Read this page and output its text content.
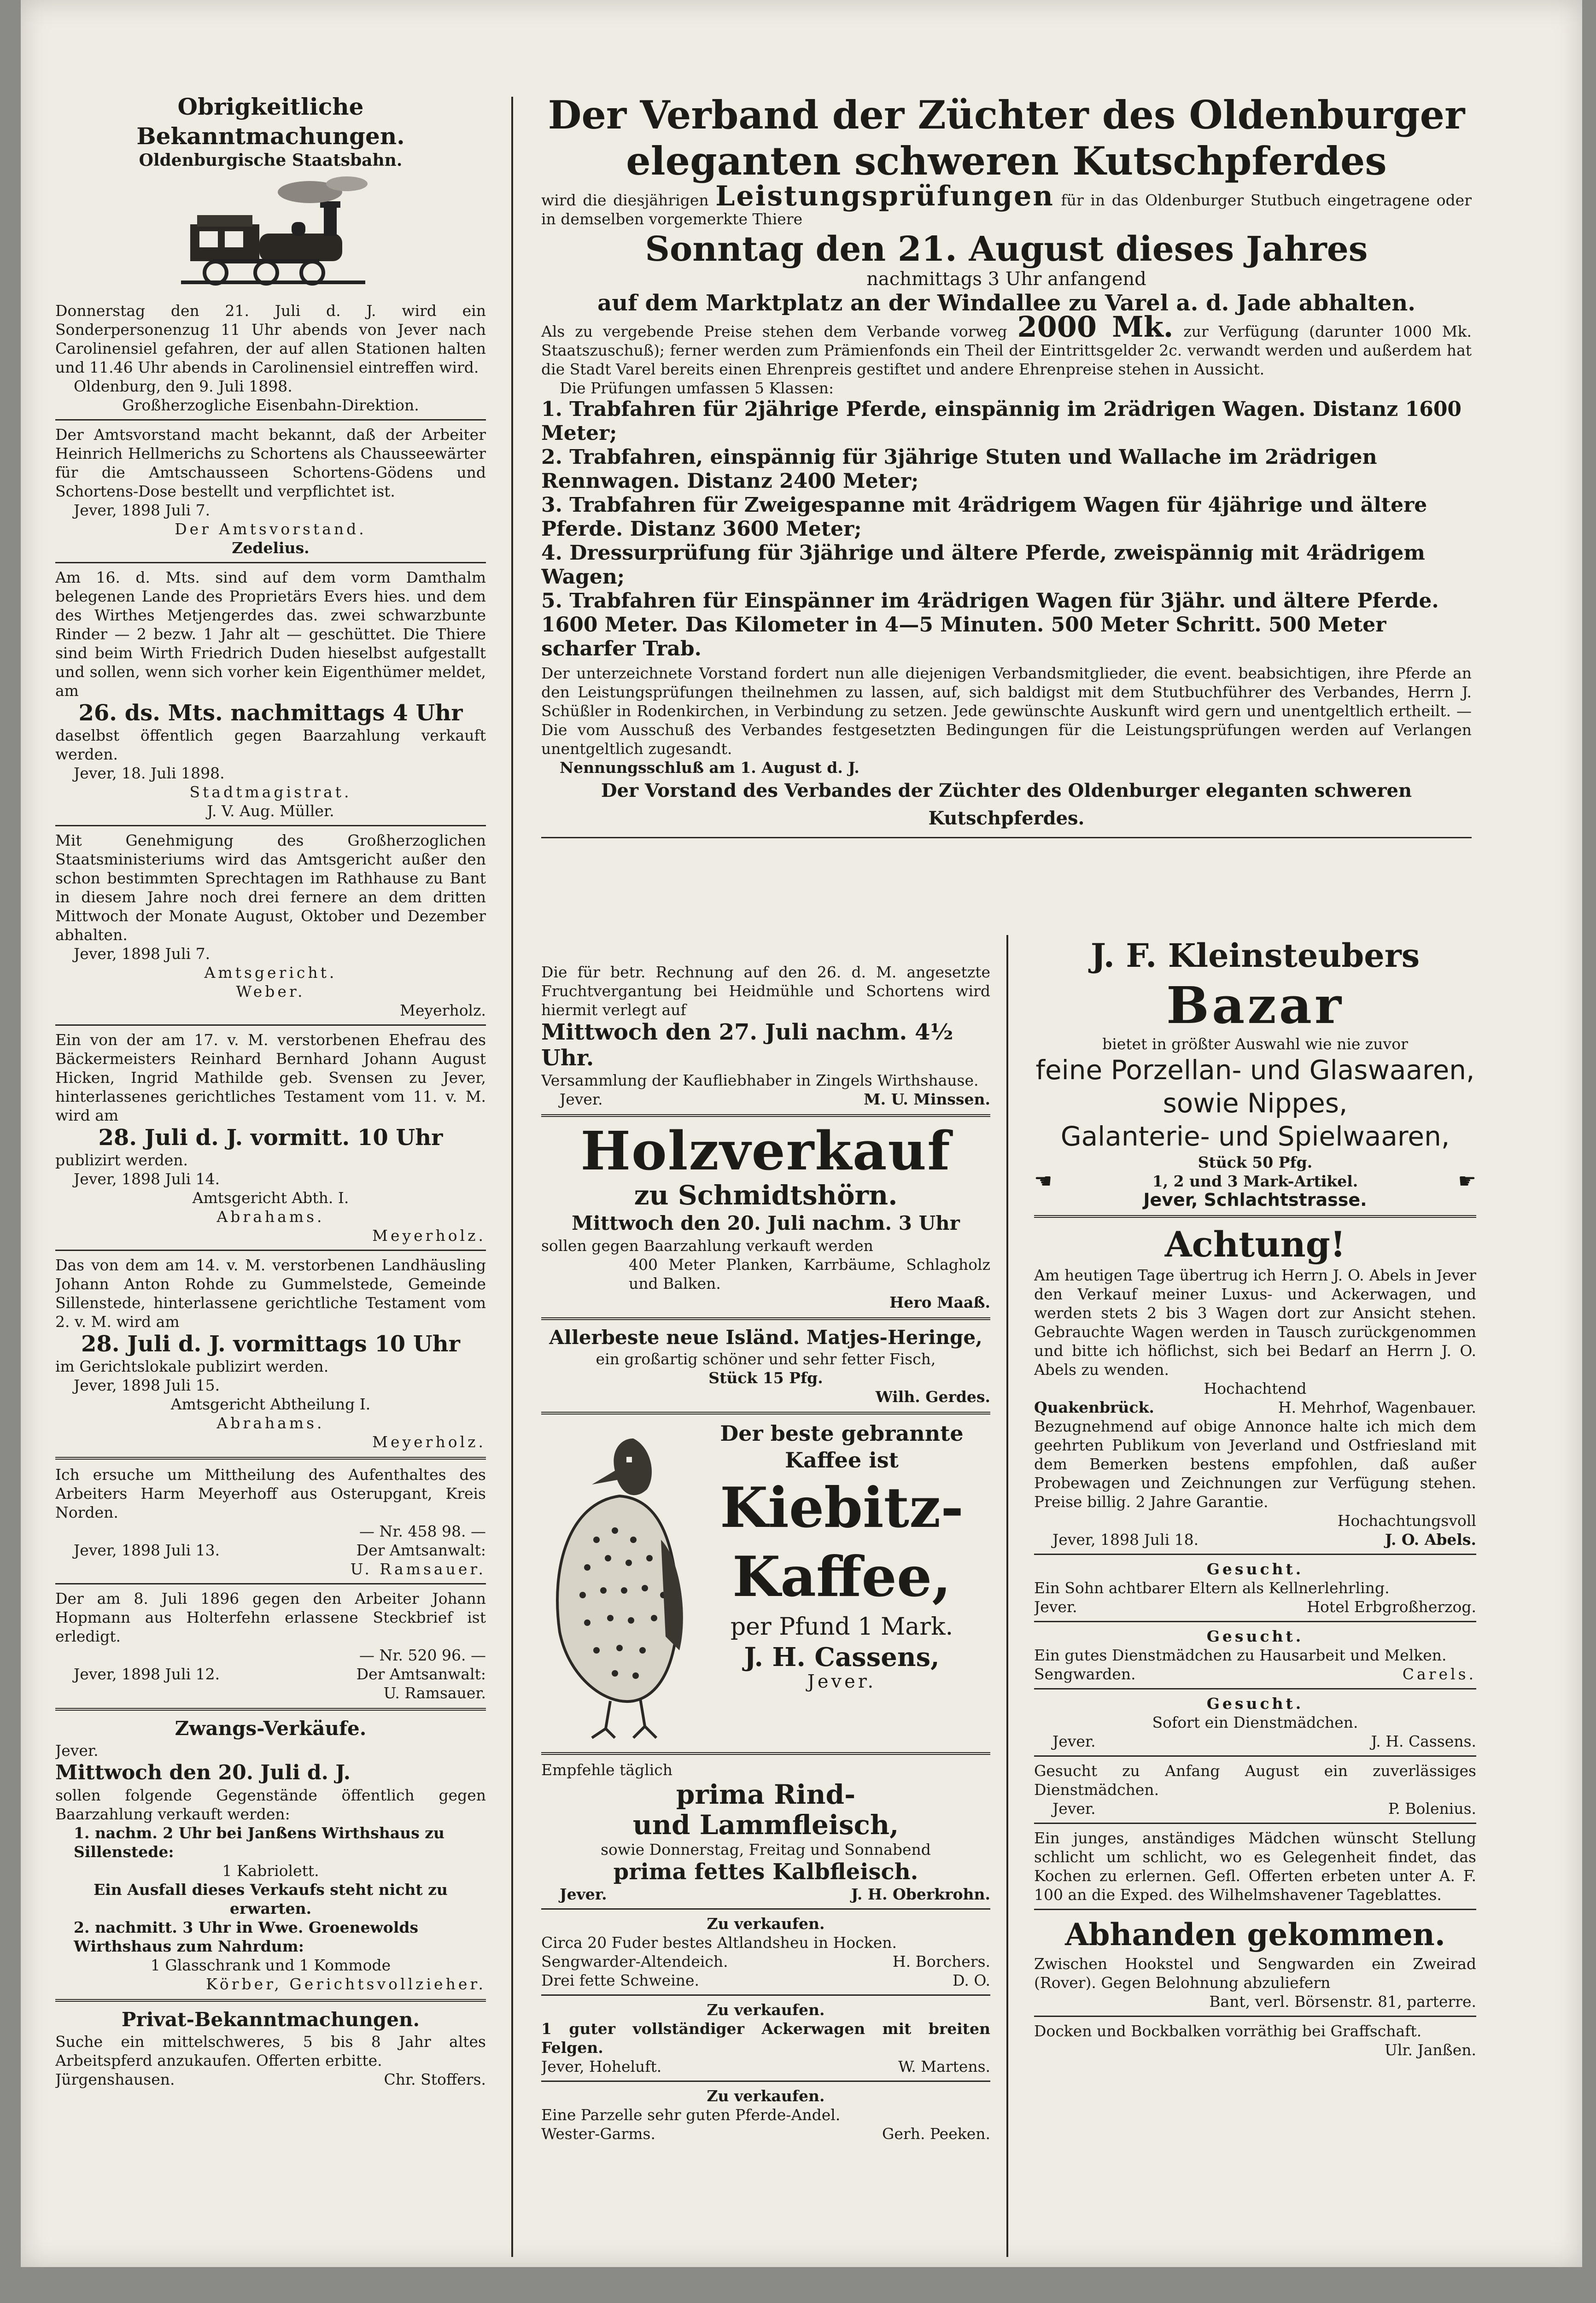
Obrigkeitliche Bekanntmachungen.

Oldenburgische Staatsbahn.

Donnerstag den 21. Juli d. J. wird ein Sonderpersonenzug 11 Uhr abends von Jever nach Carolinensiel gefahren, der auf allen Stationen halten und 11.46 Uhr abends in Carolinensiel eintreffen wird.

Oldenburg, den 9. Juli 1898.

Großherzogliche Eisenbahn-Direktion.

Der Amtsvorstand macht bekannt, daß der Arbeiter Heinrich Hellmerichs zu Schortens als Chausseewärter für die Amtschausseen Schortens-Gödens und Schortens-Dose bestellt und verpflichtet ist.

Jever, 1898 Juli 7.

Der Amtsvorstand.

Zedelius.

Am 16. d. Mts. sind auf dem vorm Damthalm belegenen Lande des Proprietärs Evers hies. und dem des Wirthes Metjengerdes das. zwei schwarzbunte Rinder — 2 bezw. 1 Jahr alt — geschüttet. Die Thiere sind beim Wirth Friedrich Duden hieselbst aufgestallt und sollen, wenn sich vorher kein Eigenthümer meldet, am

26. ds. Mts. nachmittags 4 Uhr

daselbst öffentlich gegen Baarzahlung verkauft werden.

Jever, 18. Juli 1898.

Stadtmagistrat.

J. V. Aug. Müller.

Mit Genehmigung des Großherzoglichen Staatsministeriums wird das Amtsgericht außer den schon bestimmten Sprechtagen im Rathhause zu Bant in diesem Jahre noch drei fernere an dem dritten Mittwoch der Monate August, Oktober und Dezember abhalten.

Jever, 1898 Juli 7.

Amtsgericht.

Weber.

Meyerholz.

Ein von der am 17. v. M. verstorbenen Ehefrau des Bäckermeisters Reinhard Bernhard Johann August Hicken, Ingrid Mathilde geb. Svensen zu Jever, hinterlassenes gerichtliches Testament vom 11. v. M. wird am

28. Juli d. J. vormitt. 10 Uhr

publizirt werden.

Jever, 1898 Juli 14.

Amtsgericht Abth. I.

Abrahams.

Meyerholz.

Das von dem am 14. v. M. verstorbenen Landhäusling Johann Anton Rohde zu Gummelstede, Gemeinde Sillenstede, hinterlassene gerichtliche Testament vom 2. v. M. wird am

28. Juli d. J. vormittags 10 Uhr

im Gerichtslokale publizirt werden.

Jever, 1898 Juli 15.

Amtsgericht Abtheilung I.

Abrahams.

Meyerholz.

Ich ersuche um Mittheilung des Aufenthaltes des Arbeiters Harm Meyerhoff aus Osterupgant, Kreis Norden.

— Nr. 458 98. —

Jever, 1898 Juli 13.	Der Amtsanwalt:

U. Ramsauer.

Der am 8. Juli 1896 gegen den Arbeiter Johann Hopmann aus Holterfehn erlassene Steckbrief ist erledigt.

— Nr. 520 96. —

Jever, 1898 Juli 12.	Der Amtsanwalt:

U. Ramsauer.

Zwangs-Verkäufe.

Jever.

Mittwoch den 20. Juli d. J.

sollen folgende Gegenstände öffentlich gegen Baarzahlung verkauft werden:

1. nachm. 2 Uhr bei Janßens Wirthshaus zu Sillenstede:

1 Kabriolett.

Ein Ausfall dieses Verkaufs steht nicht zu erwarten.

2. nachmitt. 3 Uhr in Wwe. Groenewolds Wirthshaus zum Nahrdum:

1 Glasschrank und 1 Kommode

Körber, Gerichtsvollzieher.

Privat-Bekanntmachungen.

Suche ein mittelschweres, 5 bis 8 Jahr altes Arbeitspferd anzukaufen. Offerten erbitte.

Jürgenshausen.	Chr. Stoffers.

Der Verband der Züchter des Oldenburger

eleganten schweren Kutschpferdes

wird die diesjährigen Leistungsprüfungen für in das Oldenburger Stutbuch eingetragene oder in demselben vorgemerkte Thiere

Sonntag den 21. August dieses Jahres

nachmittags 3 Uhr anfangend

auf dem Marktplatz an der Windallee zu Varel a. d. Jade abhalten.

Als zu vergebende Preise stehen dem Verbande vorweg 2000 Mk. zur Verfügung (darunter 1000 Mk. Staatszuschuß); ferner werden zum Prämienfonds ein Theil der Eintrittsgelder 2c. verwandt werden und außerdem hat die Stadt Varel bereits einen Ehrenpreis gestiftet und andere Ehrenpreise stehen in Aussicht.

Die Prüfungen umfassen 5 Klassen:

1. Trabfahren für 2jährige Pferde, einspännig im 2rädrigen Wagen. Distanz 1600 Meter;

2. Trabfahren, einspännig für 3jährige Stuten und Wallache im 2rädrigen Rennwagen. Distanz 2400 Meter;

3. Trabfahren für Zweigespanne mit 4rädrigem Wagen für 4jährige und ältere Pferde. Distanz 3600 Meter;

4. Dressurprüfung für 3jährige und ältere Pferde, zweispännig mit 4rädrigem Wagen;

5. Trabfahren für Einspänner im 4rädrigen Wagen für 3jähr. und ältere Pferde. 1600 Meter. Das Kilometer in 4—5 Minuten. 500 Meter Schritt. 500 Meter scharfer Trab.

Der unterzeichnete Vorstand fordert nun alle diejenigen Verbandsmitglieder, die event. beabsichtigen, ihre Pferde an den Leistungsprüfungen theilnehmen zu lassen, auf, sich baldigst mit dem Stutbuchführer des Verbandes, Herrn J. Schüßler in Rodenkirchen, in Verbindung zu setzen. Jede gewünschte Auskunft wird gern und unentgeltlich ertheilt. — Die vom Ausschuß des Verbandes festgesetzten Bedingungen für die Leistungsprüfungen werden auf Verlangen unentgeltlich zugesandt.

Nennungsschluß am 1. August d. J.

Der Vorstand des Verbandes der Züchter des Oldenburger eleganten schweren Kutschpferdes.

Die für betr. Rechnung auf den 26. d. M. angesetzte Fruchtvergantung bei Heidmühle und Schortens wird hiermit verlegt auf

Mittwoch den 27. Juli nachm. 4½ Uhr.

Versammlung der Kaufliebhaber in Zingels Wirthshause.

Jever.	M. U. Minssen.

Holzverkauf

zu Schmidtshörn.

Mittwoch den 20. Juli nachm. 3 Uhr

sollen gegen Baarzahlung verkauft werden

400 Meter Planken, Karrbäume, Schlagholz und Balken.

Hero Maaß.

Allerbeste neue Isländ. Matjes-Heringe,

ein großartig schöner und sehr fetter Fisch,

Stück 15 Pfg.

Wilh. Gerdes.

Der beste gebrannte

Kaffee ist

Kiebitz-

Kaffee,

per Pfund 1 Mark.

J. H. Cassens,

Jever.

Empfehle täglich

prima Rind-

und Lammfleisch,

sowie Donnerstag, Freitag und Sonnabend

prima fettes Kalbfleisch.

Jever.	J. H. Oberkrohn.

Zu verkaufen.

Circa 20 Fuder bestes Altlandsheu in Hocken.

Sengwarder-Altendeich.	H. Borchers.
Drei fette Schweine.	D. O.

Zu verkaufen.

1 guter vollständiger Ackerwagen mit breiten Felgen.

Jever, Hoheluft.	W. Martens.

Zu verkaufen.

Eine Parzelle sehr guten Pferde-Andel.

Wester-Garms.	Gerh. Peeken.

J. F. Kleinsteubers

Bazar

bietet in größter Auswahl wie nie zuvor

feine Porzellan- und Glaswaaren, sowie Nippes,

Galanterie- und Spielwaaren,

Stück 50 Pfg.

☚	1, 2 und 3 Mark-Artikel.	☛

Jever, Schlachtstrasse.

Achtung!

Am heutigen Tage übertrug ich Herrn J. O. Abels in Jever den Verkauf meiner Luxus- und Ackerwagen, und werden stets 2 bis 3 Wagen dort zur Ansicht stehen. Gebrauchte Wagen werden in Tausch zurückgenommen und bitte ich höflichst, sich bei Bedarf an Herrn J. O. Abels zu wenden.

Hochachtend

Quakenbrück.	H. Mehrhof, Wagenbauer.

Bezugnehmend auf obige Annonce halte ich mich dem geehrten Publikum von Jeverland und Ostfriesland mit dem Bemerken bestens empfohlen, daß außer Probewagen und Zeichnungen zur Verfügung stehen. Preise billig. 2 Jahre Garantie.

Hochachtungsvoll

Jever, 1898 Juli 18.	J. O. Abels.

Gesucht.

Ein Sohn achtbarer Eltern als Kellnerlehrling.

Jever.	Hotel Erbgroßherzog.

Gesucht.

Ein gutes Dienstmädchen zu Hausarbeit und Melken.

Sengwarden.	Carels.

Gesucht.

Sofort ein Dienstmädchen.

Jever.	J. H. Cassens.

Gesucht zu Anfang August ein zuverlässiges Dienstmädchen.

Jever.	P. Bolenius.

Ein junges, anständiges Mädchen wünscht Stellung schlicht um schlicht, wo es Gelegenheit findet, das Kochen zu erlernen. Gefl. Offerten erbeten unter A. F. 100 an die Exped. des Wilhelmshavener Tageblattes.

Abhanden gekommen.

Zwischen Hookstel und Sengwarden ein Zweirad (Rover). Gegen Belohnung abzuliefern

Bant, verl. Börsenstr. 81, parterre.

Docken und Bockbalken vorräthig bei Graffschaft.

Ulr. Janßen.
